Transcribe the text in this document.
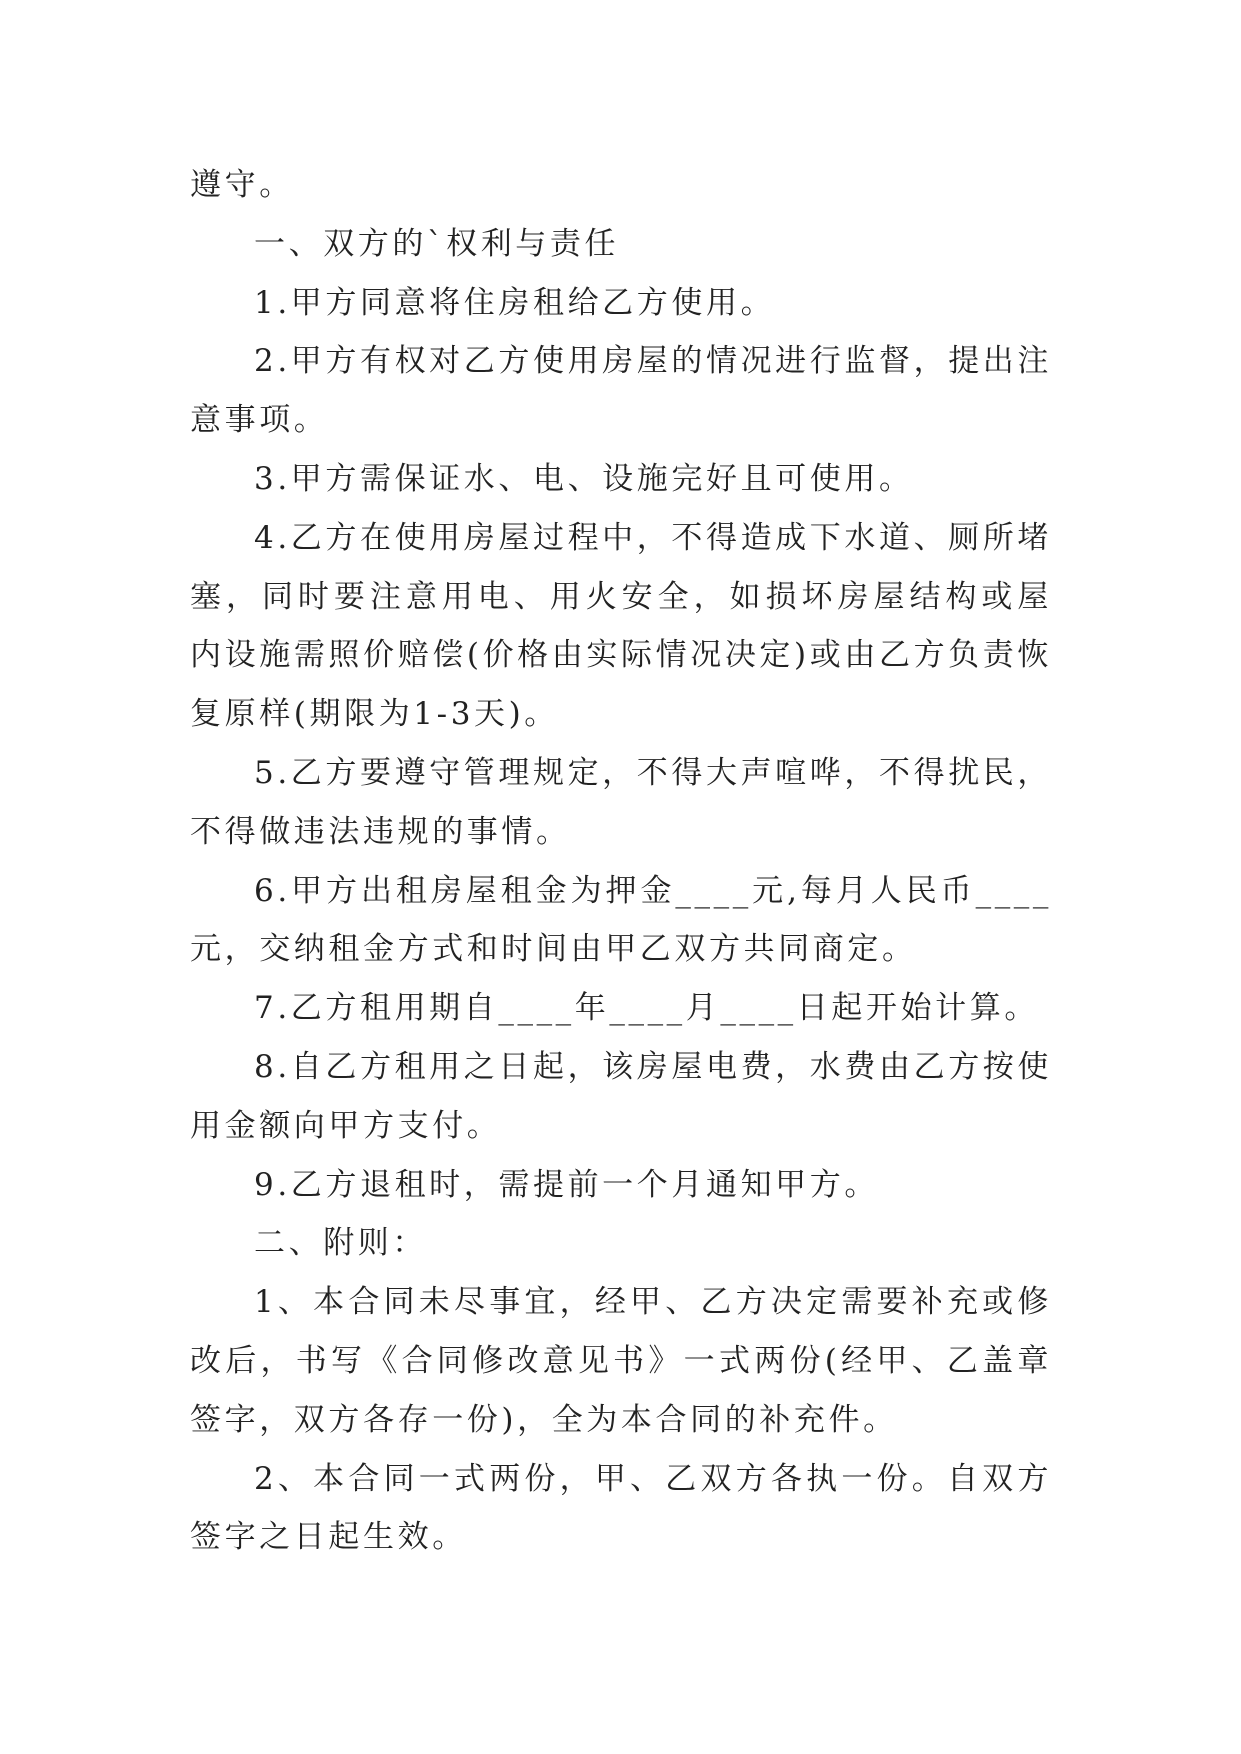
遵守。

一、双方的`权利与责任

1.甲方同意将住房租给乙方使用。

2.甲方有权对乙方使用房屋的情况进行监督，提出注意事项。

3.甲方需保证水、电、设施完好且可使用。

4.乙方在使用房屋过程中，不得造成下水道、厕所堵塞，同时要注意用电、用火安全，如损坏房屋结构或屋内设施需照价赔偿(价格由实际情况决定)或由乙方负责恢复原样(期限为1-3天)。

5.乙方要遵守管理规定，不得大声喧哗，不得扰民，不得做违法违规的事情。

6.甲方出租房屋租金为押金____元,每月人民币____元，交纳租金方式和时间由甲乙双方共同商定。

7.乙方租用期自____年____月____日起开始计算。

8.自乙方租用之日起，该房屋电费，水费由乙方按使用金额向甲方支付。

9.乙方退租时，需提前一个月通知甲方。

二、附则：

1、本合同未尽事宜，经甲、乙方决定需要补充或修改后，书写《合同修改意见书》一式两份(经甲、乙盖章签字，双方各存一份)，全为本合同的补充件。

2、本合同一式两份，甲、乙双方各执一份。自双方签字之日起生效。
